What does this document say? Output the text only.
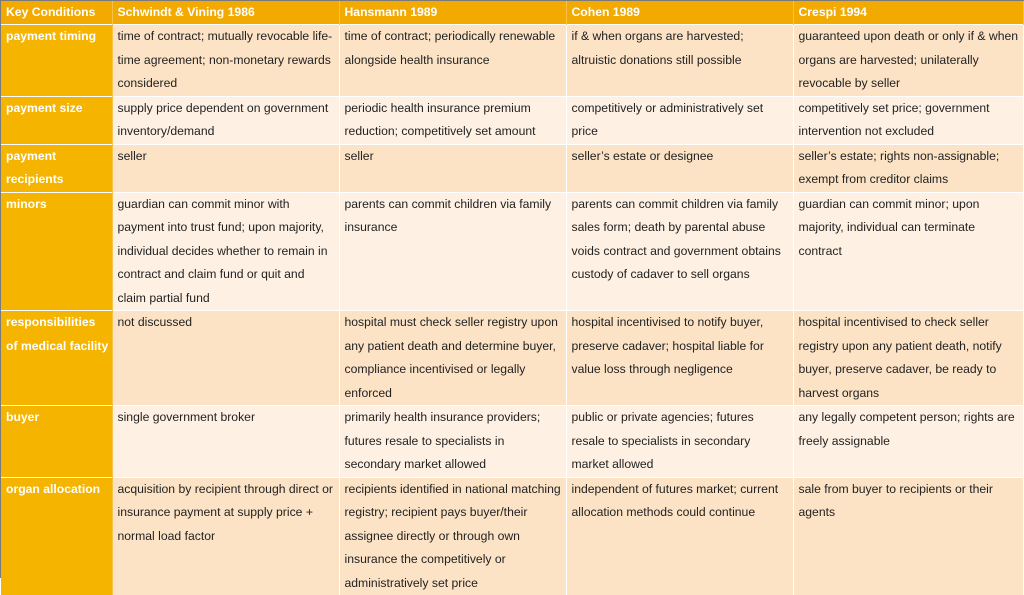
Key Conditions	Schwindt & Vining 1986	Hansmann 1989	Cohen 1989	Crespi 1994
payment timing	time of contract; mutually revocable life-time agreement; non-monetary rewards considered	time of contract; periodically renewable alongside health insurance	if & when organs are harvested; altruistic donations still possible	guaranteed upon death or only if & when organs are harvested; unilaterally revocable by seller
payment size	supply price dependent on government inventory/demand	periodic health insurance premium reduction; competitively set amount	competitively or administratively set price	competitively set price; government intervention not excluded
payment recipients	seller	seller	seller’s estate or designee	seller’s estate; rights non-assignable; exempt from creditor claims
minors	guardian can commit minor with payment into trust fund; upon majority, individual decides whether to remain in contract and claim fund or quit and claim partial fund	parents can commit children via family insurance	parents can commit children via family sales form; death by parental abuse voids contract and government obtains custody of cadaver to sell organs	guardian can commit minor; upon majority, individual can terminate contract
responsibilities of medical facility	not discussed	hospital must check seller registry upon any patient death and determine buyer, compliance incentivised or legally enforced	hospital incentivised to notify buyer, preserve cadaver; hospital liable for value loss through negligence	hospital incentivised to check seller registry upon any patient death, notify buyer, preserve cadaver, be ready to harvest organs
buyer	single government broker	primarily health insurance providers; futures resale to specialists in secondary market allowed	public or private agencies; futures resale to specialists in secondary market allowed	any legally competent person; rights are freely assignable
organ allocation	acquisition by recipient through direct or insurance payment at supply price + normal load factor	recipients identified in national matching registry; recipient pays buyer/their assignee directly or through own insurance the competitively or administratively set price	independent of futures market; current allocation methods could continue	sale from buyer to recipients or their agents
